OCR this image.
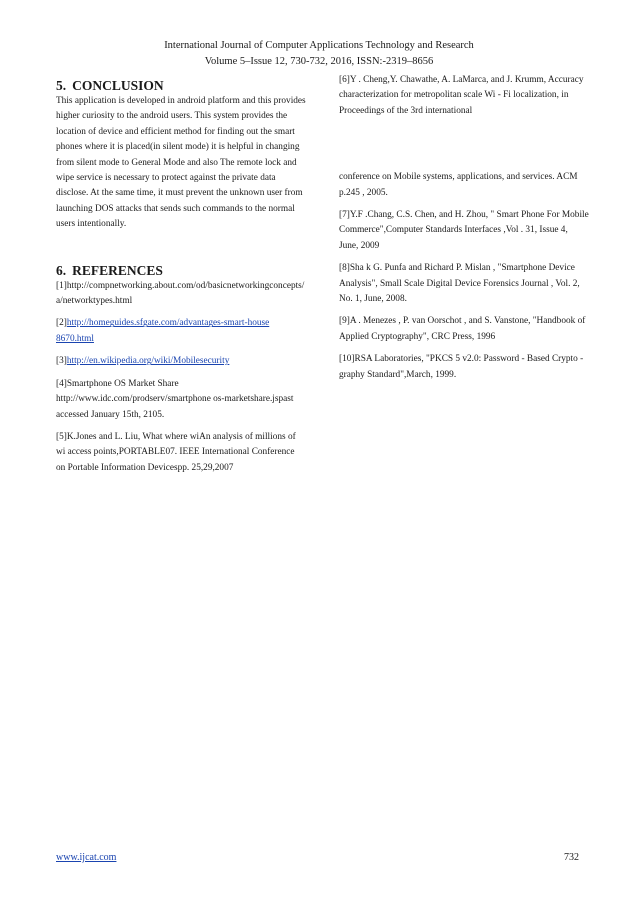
International Journal of Computer Applications Technology and Research
Volume 5–Issue 12, 730-732, 2016, ISSN:-2319–8656
5. CONCLUSION

This application is developed in android platform and this provides higher curiosity to the android users. This system provides the location of device and efficient method for finding out the smart phones where it is placed(in silent mode) it is helpful in changing from silent mode to General Mode and also The remote lock and wipe service is necessary to protect against the private data disclose. At the same time, it must prevent the unknown user from launching DOS attacks that sends such commands to the normal users intentionally.

6. REFERENCES

[1]http://compnetworking.about.com/od/basicnetworkingconcepts/a/networktypes.html

[2]http://homeguides.sfgate.com/advantages-smart-house 8670.html

[3]http://en.wikipedia.org/wiki/Mobilesecurity

[4]Smartphone OS Market Share http://www.idc.com/prodserv/smartphone os-marketshare.jspast accessed January 15th, 2105.

[5]K.Jones and L. Liu, What where wiAn analysis of millions of wi access points,PORTABLE07. IEEE International Conference on Portable Information Devicespp. 25,29,2007

[6]Y . Cheng,Y. Chawathe, A. LaMarca, and J. Krumm, Accuracy characterization for metropolitan scale Wi - Fi localization, in Proceedings of the 3rd international

conference on Mobile systems, applications, and services. ACM p.245 , 2005.

[7]Y.F .Chang, C.S. Chen, and H. Zhou, " Smart Phone For Mobile Commerce",Computer Standards Interfaces ,Vol . 31, Issue 4, June, 2009

[8]Sha k G. Punfa and Richard P. Mislan , "Smartphone Device Analysis", Small Scale Digital Device Forensics Journal , Vol. 2, No. 1, June, 2008.

[9]A . Menezes , P. van Oorschot , and S. Vanstone, "Handbook of Applied Cryptography", CRC Press, 1996

[10]RSA Laboratories, "PKCS 5 v2.0: Password - Based Crypto - graphy Standard",March, 1999.

www.ijcat.com	732
